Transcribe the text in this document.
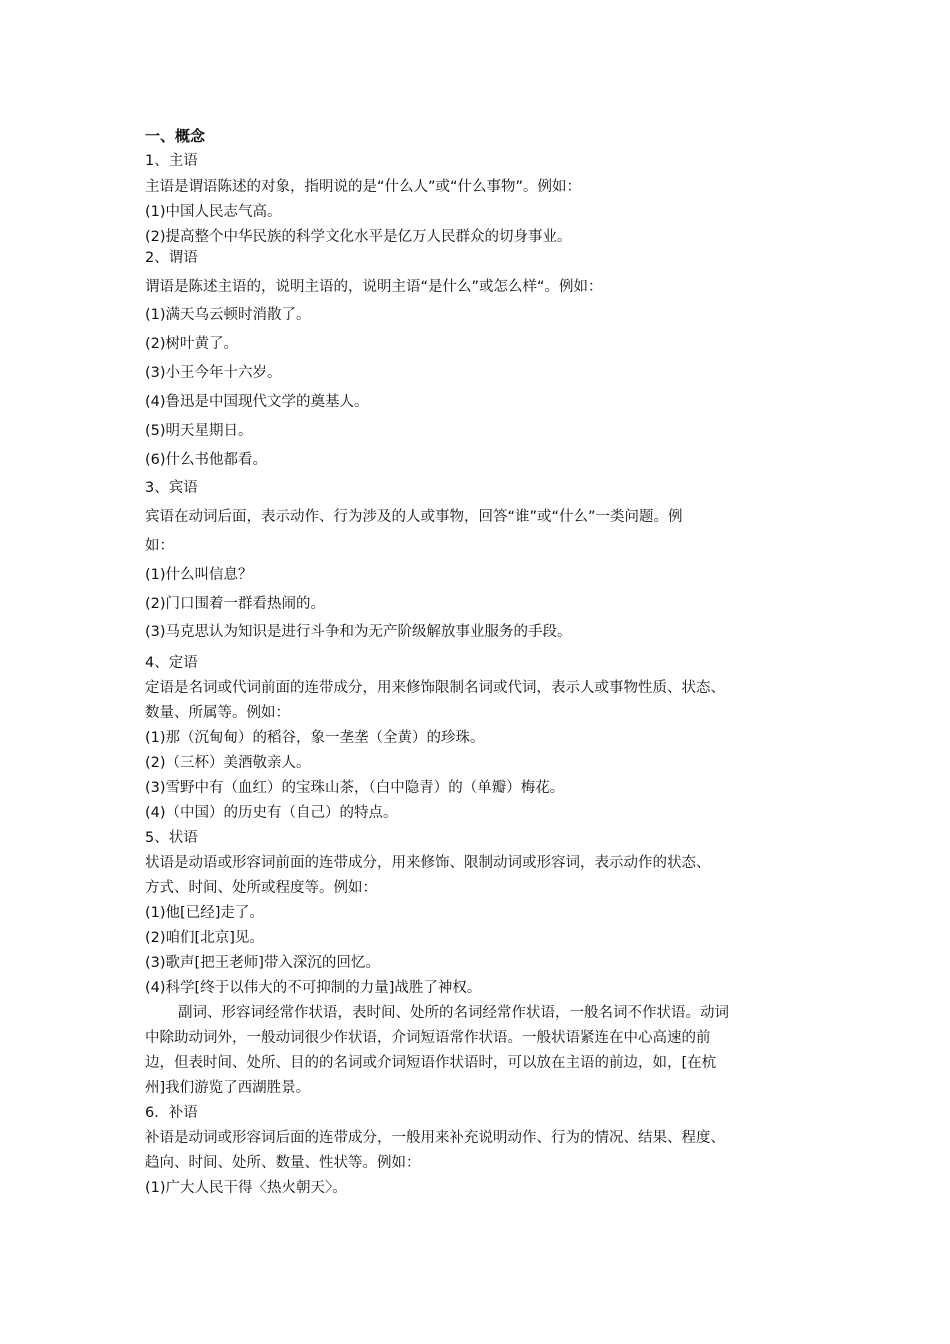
一、概念

1、主语

主语是谓语陈述的对象，指明说的是“什么人”或“什么事物”。例如：

(1)中国人民志气高。

(2)提高整个中华民族的科学文化水平是亿万人民群众的切身事业。

2、谓语

谓语是陈述主语的，说明主语的，说明主语“是什么”或怎么样“。例如：

(1)满天乌云顿时消散了。

(2)树叶黄了。

(3)小王今年十六岁。

(4)鲁迅是中国现代文学的奠基人。

(5)明天星期日。

(6)什么书他都看。

3、宾语

宾语在动词后面，表示动作、行为涉及的人或事物，回答“谁”或“什么”一类问题。例

如：

(1)什么叫信息？

(2)门口围着一群看热闹的。

(3)马克思认为知识是进行斗争和为无产阶级解放事业服务的手段。

4、定语

定语是名词或代词前面的连带成分，用来修饰限制名词或代词，表示人或事物性质、状态、

数量、所属等。例如：

(1)那（沉甸甸）的稻谷，象一垄垄（全黄）的珍珠。

(2)（三杯）美酒敬亲人。

(3)雪野中有（血红）的宝珠山茶，（白中隐青）的（单瓣）梅花。

(4)（中国）的历史有（自己）的特点。

5、状语

状语是动语或形容词前面的连带成分，用来修饰、限制动词或形容词，表示动作的状态、

方式、时间、处所或程度等。例如：

(1)他[已经]走了。

(2)咱们[北京]见。

(3)歌声[把王老师]带入深沉的回忆。

(4)科学[终于以伟大的不可抑制的力量]战胜了神权。

副词、形容词经常作状语，表时间、处所的名词经常作状语，一般名词不作状语。动词

中除助动词外，一般动词很少作状语，介词短语常作状语。一般状语紧连在中心高速的前

边，但表时间、处所、目的的名词或介词短语作状语时，可以放在主语的前边，如，[在杭

州]我们游览了西湖胜景。

6．补语

补语是动词或形容词后面的连带成分，一般用来补充说明动作、行为的情况、结果、程度、

趋向、时间、处所、数量、性状等。例如：

(1)广大人民干得〈热火朝天〉。
